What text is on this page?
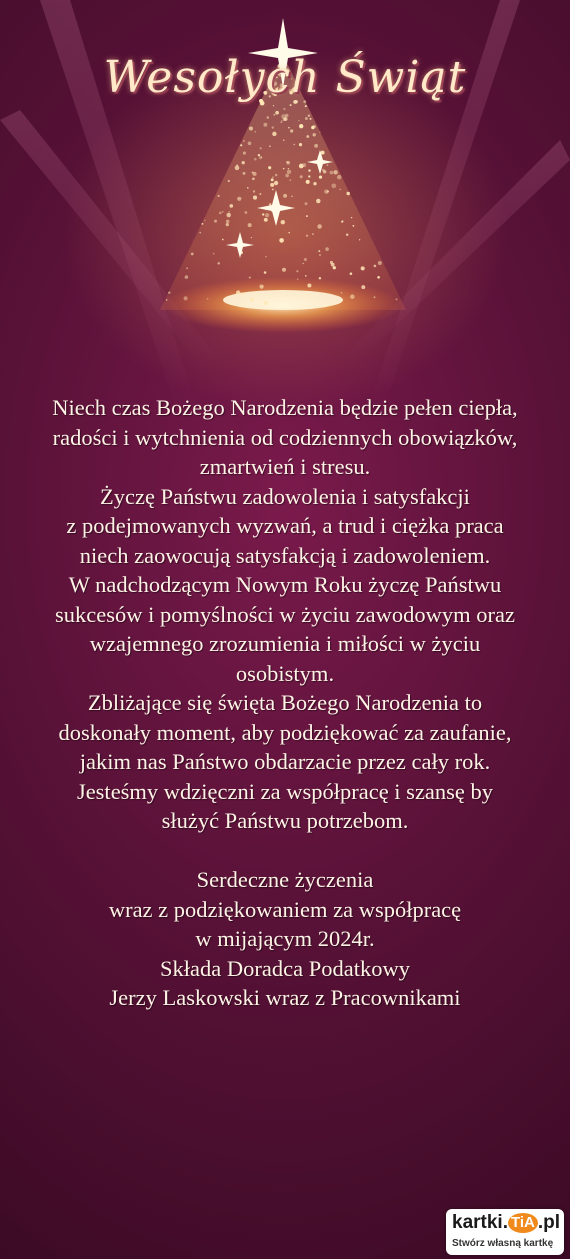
Wesołych Świąt
Niech czas Bożego Narodzenia będzie pełen ciepła,
radości i wytchnienia od codziennych obowiązków,
zmartwień i stresu.
Życzę Państwu zadowolenia i satysfakcji
z podejmowanych wyzwań, a trud i ciężka praca
niech zaowocują satysfakcją i zadowoleniem.
W nadchodzącym Nowym Roku życzę Państwu
sukcesów i pomyślności w życiu zawodowym oraz
wzajemnego zrozumienia i miłości w życiu
osobistym.
Zbliżające się święta Bożego Narodzenia to
doskonały moment, aby podziękować za zaufanie,
jakim nas Państwo obdarzacie przez cały rok.
Jesteśmy wdzięczni za współpracę i szansę by
służyć Państwu potrzebom.
Serdeczne życzenia
wraz z podziękowaniem za współpracę
w mijającym 2024r.
Składa Doradca Podatkowy
Jerzy Laskowski wraz z Pracownikami
kartki. TiA .pl
Stwórz własną kartkę
